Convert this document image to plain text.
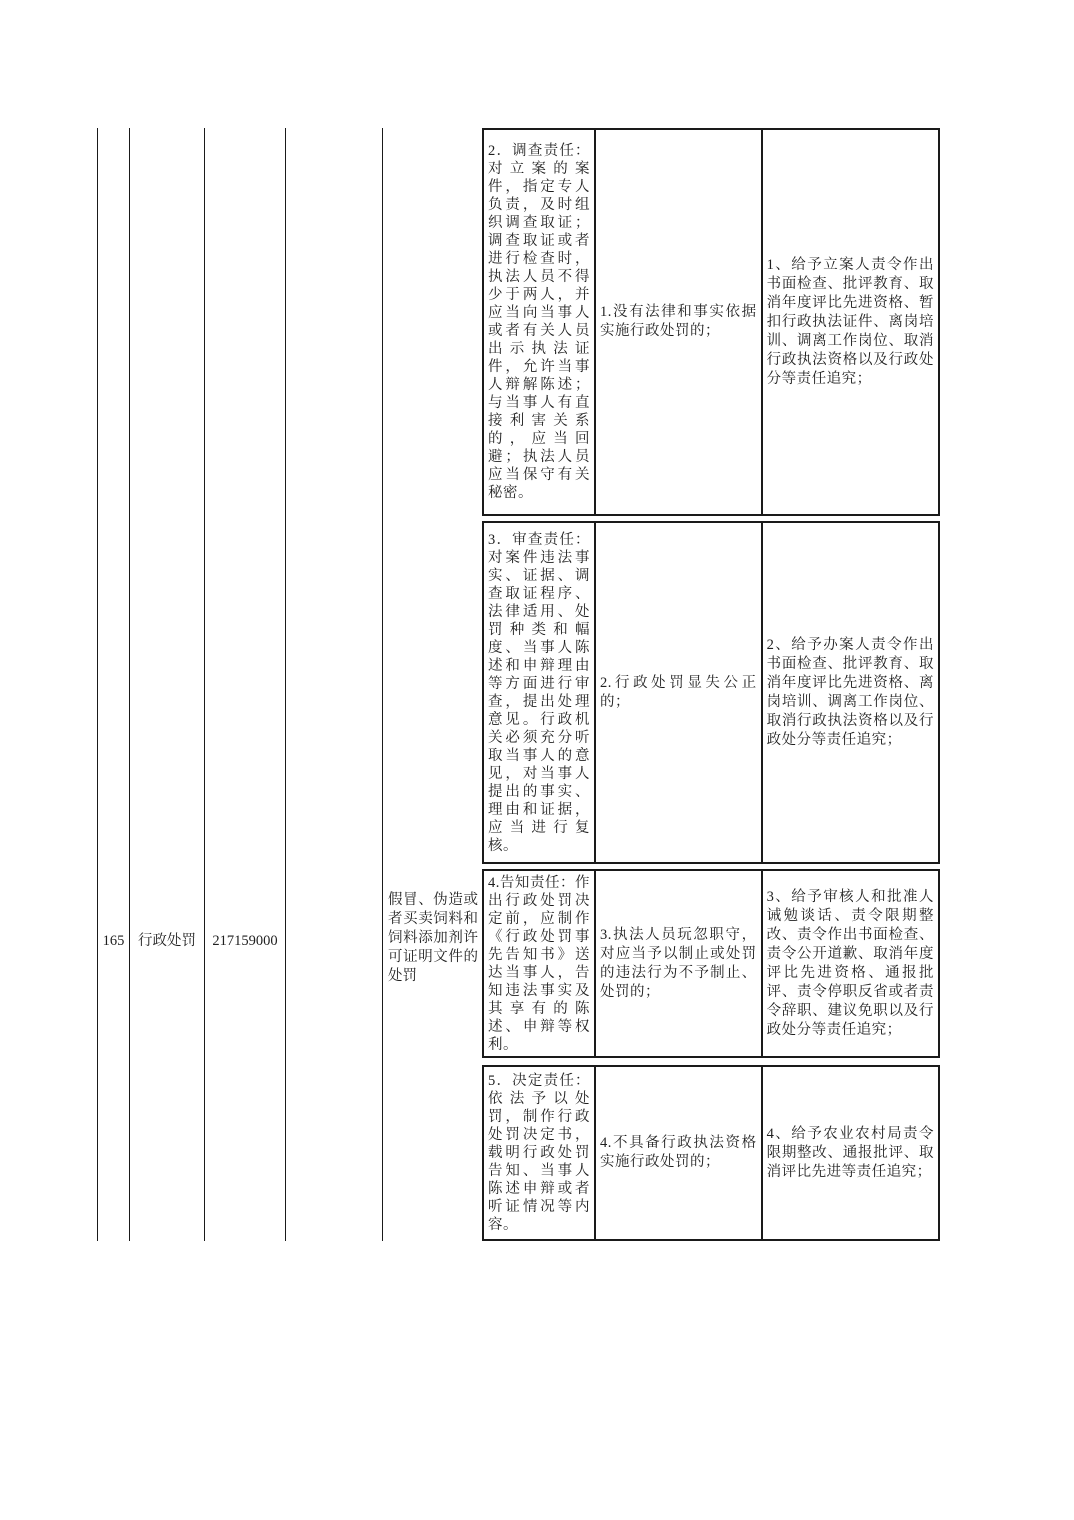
165 行政处罚	217159000
假冒、伪造或者买卖饲料和饲料添加剂许可证明文件的处罚
2．调查责任：对立案的案件，指定专人负责，及时组织调查取证；调查取证或者进行检查时，执法人员不得少于两人，并应当向当事人或者有关人员出示执法证件，允许当事人辩解陈述；与当事人有直接利害关系的，应当回避；执法人员应当保守有关秘密。
1.没有法律和事实依据实施行政处罚的；
1、给予立案人责令作出书面检查、批评教育、取消年度评比先进资格、暂扣行政执法证件、离岗培训、调离工作岗位、取消行政执法资格以及行政处分等责任追究；
3．审查责任：对案件违法事实、证据、调查取证程序、法律适用、处罚种类和幅度、当事人陈述和申辩理由等方面进行审查，提出处理意见。行政机关必须充分听取当事人的意见，对当事人提出的事实、理由和证据，应当进行复核。
2.行政处罚显失公正的；
2、给予办案人责令作出书面检查、批评教育、取消年度评比先进资格、离岗培训、调离工作岗位、取消行政执法资格以及行政处分等责任追究；
4.告知责任：作出行政处罚决定前，应制作《行政处罚事先告知书》送达当事人，告知违法事实及其享有的陈述、申辩等权利。
3.执法人员玩忽职守，对应当予以制止或处罚的违法行为不予制止、处罚的；
3、给予审核人和批准人诫勉谈话、责令限期整改、责令作出书面检查、责令公开道歉、取消年度评比先进资格、通报批评、责令停职反省或者责令辞职、建议免职以及行政处分等责任追究；
5．决定责任：依法予以处罚，制作行政处罚决定书，载明行政处罚告知、当事人陈述申辩或者听证情况等内容。
4.不具备行政执法资格实施行政处罚的；
4、给予农业农村局责令限期整改、通报批评、取消评比先进等责任追究；
